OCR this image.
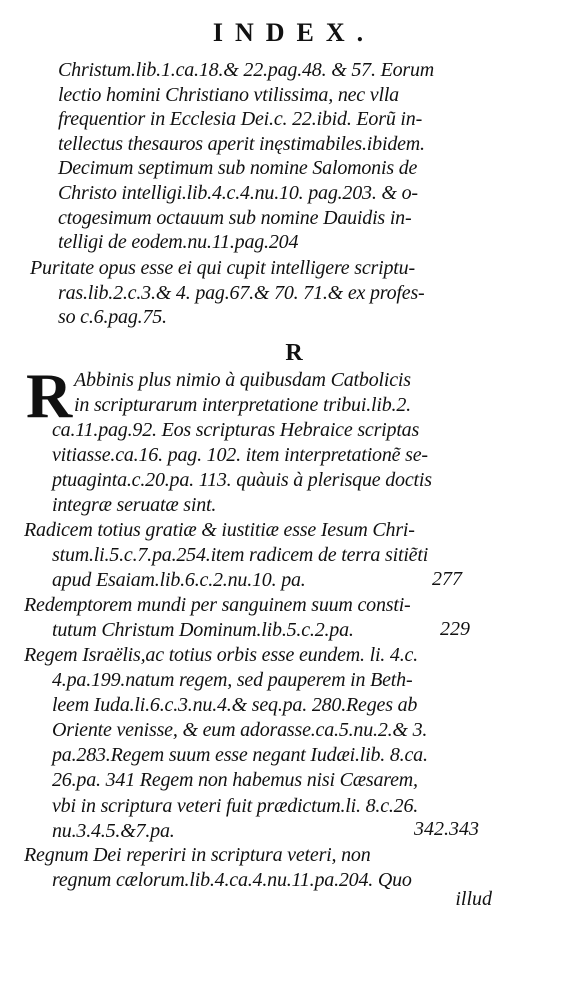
INDEX.
Christum.lib.1.ca.18.& 22.pag.48. & 57. Eorum
lectio homini Christiano vtilissima, nec vlla
frequentior in Ecclesia Dei.c. 22.ibid. Eorũ in-
tellectus thesauros aperit inęstimabiles.ibidem.
Decimum septimum sub nomine Salomonis de
Christo intelligi.lib.4.c.4.nu.10. pag.203. & o-
ctogesimum octauum sub nomine Dauidis in-
telligi de eodem.nu.11.pag.204
Puritate opus esse ei qui cupit intelligere scriptu-
ras.lib.2.c.3.& 4. pag.67.& 70. 71.& ex profes-
so c.6.pag.75.
R
R Abbinis plus nimio à quibusdam Catbolicis
in scripturarum interpretatione tribui.lib.2.
ca.11.pag.92. Eos scripturas Hebraice scriptas
vitiasse.ca.16. pag. 102. item interpretationẽ se-
ptuaginta.c.20.pa. 113. quàuis à plerisque doctis
integræ seruatæ sint.
Radicem totius gratiæ & iustitiæ esse Iesum Chri-
stum.li.5.c.7.pa.254.item radicem de terra sitiẽti
apud Esaiam.lib.6.c.2.nu.10. pa.	277
Redemptorem mundi per sanguinem suum consti-
tutum Christum Dominum.lib.5.c.2.pa.	229
Regem Israëlis,ac totius orbis esse eundem. li. 4.c.
4.pa.199.natum regem, sed pauperem in Beth-
leem Iuda.li.6.c.3.nu.4.& seq.pa. 280.Reges ab
Oriente venisse, & eum adorasse.ca.5.nu.2.& 3.
pa.283.Regem suum esse negant Iudæi.lib. 8.ca.
26.pa. 341 Regem non habemus nisi Cæsarem,
vbi in scriptura veteri fuit prædictum.li. 8.c.26.
nu.3.4.5.&7.pa.	342.343
Regnum Dei reperiri in scriptura veteri, non
regnum cælorum.lib.4.ca.4.nu.11.pa.204. Quo
illud
